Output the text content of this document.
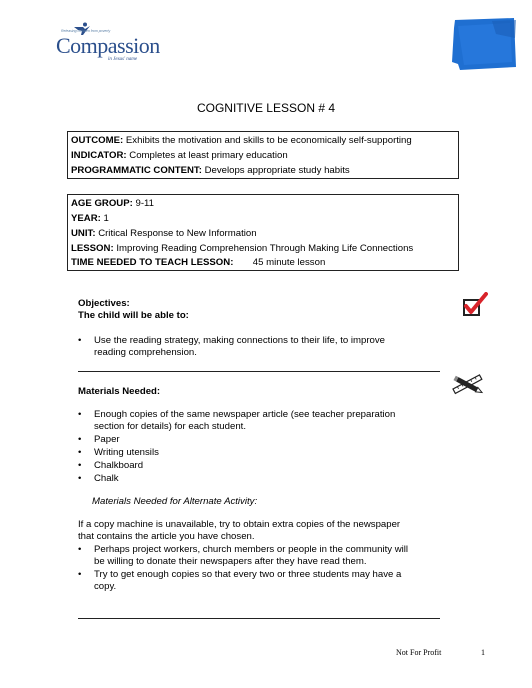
Releasing children from poverty
Compassion
in Jesus' name
COGNITIVE LESSON # 4
OUTCOME: Exhibits the motivation and skills to be economically self-supporting
INDICATOR: Completes at least primary education
PROGRAMMATIC CONTENT: Develops appropriate study habits
AGE GROUP: 9-11
YEAR: 1
UNIT: Critical Response to New Information
LESSON: Improving Reading Comprehension Through Making Life Connections
TIME NEEDED TO TEACH LESSON: 45 minute lesson
Objectives:
The child will be able to:
• Use the reading strategy, making connections to their life, to improve
reading comprehension.
Materials Needed:
• Enough copies of the same newspaper article (see teacher preparation
section for details) for each student.
• Paper
• Writing utensils
• Chalkboard
• Chalk
Materials Needed for Alternate Activity:
If a copy machine is unavailable, try to obtain extra copies of the newspaper
that contains the article you have chosen.
• Perhaps project workers, church members or people in the community will
be willing to donate their newspapers after they have read them.
• Try to get enough copies so that every two or three students may have a
copy.
Not For Profit	1
